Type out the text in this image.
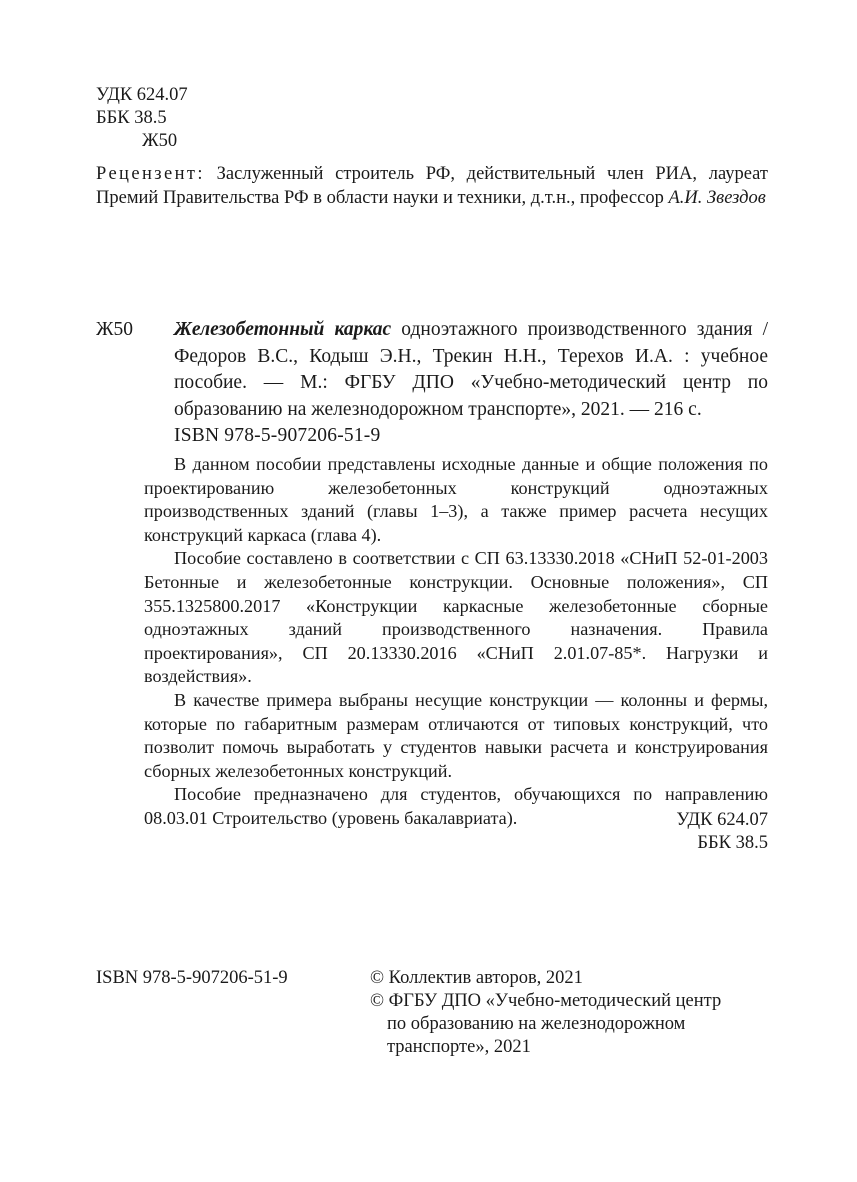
УДК 624.07
ББК 38.5
Ж50
Рецензент: Заслуженный строитель РФ, действительный член РИА, лауреат Премий Правительства РФ в области науки и техники, д.т.н., профессор А.И. Звездов
Ж50 Железобетонный каркас одноэтажного производственного здания / Федоров В.С., Кодыш Э.Н., Трекин Н.Н., Терехов И.А. : учебное пособие. — М.: ФГБУ ДПО «Учебно-методический центр по образованию на железнодорожном транспорте», 2021. — 216 с.
ISBN 978-5-907206-51-9

В данном пособии представлены исходные данные и общие положения по проектированию железобетонных конструкций одноэтажных производственных зданий (главы 1–3), а также пример расчета несущих конструкций каркаса (глава 4).

Пособие составлено в соответствии с СП 63.13330.2018 «СНиП 52-01-2003 Бетонные и железобетонные конструкции. Основные положения», СП 355.1325800.2017 «Конструкции каркасные железобетонные сборные одноэтажных зданий производственного назначения. Правила проектирования», СП 20.13330.2016 «СНиП 2.01.07-85*. Нагрузки и воздействия».

В качестве примера выбраны несущие конструкции — колонны и фермы, которые по габаритным размерам отличаются от типовых конструкций, что позволит помочь выработать у студентов навыки расчета и конструирования сборных железобетонных конструкций.

Пособие предназначено для студентов, обучающихся по направлению 08.03.01 Строительство (уровень бакалавриата).	УДК 624.07
ББК 38.5
ISBN 978-5-907206-51-9	© Коллектив авторов, 2021
© ФГБУ ДПО «Учебно-методический центр
по образованию на железнодорожном
транспорте», 2021
